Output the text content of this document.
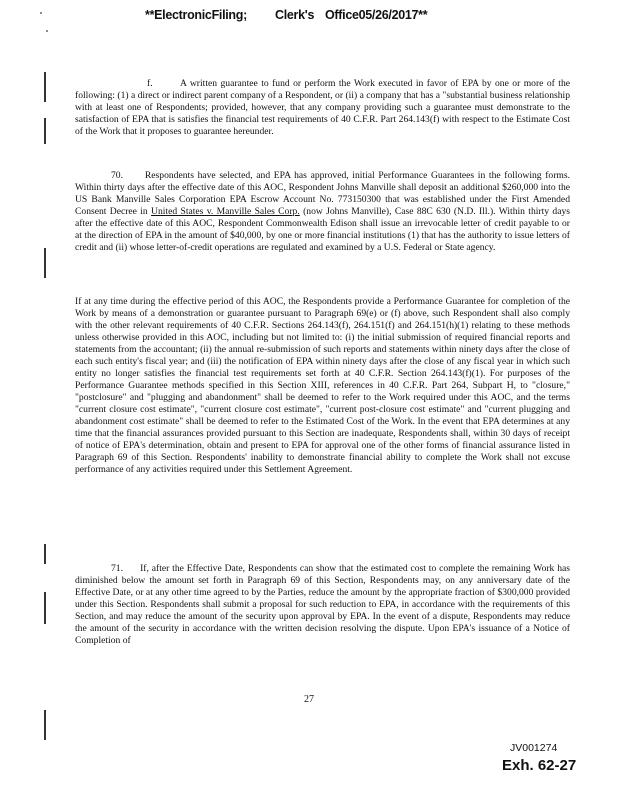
**ElectronicFiling; Clerk's Office05/26/2017**

f.	A written guarantee to fund or perform the Work executed in favor of EPA by one or more of the following: (1) a direct or indirect parent company of a Respondent, or (ii) a company that has a "substantial business relationship with at least one of Respondents; provided, however, that any company providing such a guarantee must demonstrate to the satisfaction of EPA that is satisfies the financial test requirements of 40 C.F.R. Part 264.143(f) with respect to the Estimate Cost of the Work that it proposes to guarantee hereunder.

70. Respondents have selected, and EPA has approved, initial Performance Guarantees in the following forms. Within thirty days after the effective date of this AOC, Respondent Johns Manville shall deposit an additional $260,000 into the US Bank Manville Sales Corporation EPA Escrow Account No. 773150300 that was established under the First Amended Consent Decree in United States v. Manville Sales Corp. (now Johns Manville), Case 88C 630 (N.D. Ill.). Within thirty days after the effective date of this AOC, Respondent Commonwealth Edison shall issue an irrevocable letter of credit payable to or at the direction of EPA in the amount of $40,000, by one or more financial institutions (1) that has the authority to issue letters of credit and (ii) whose letter-of-credit operations are regulated and examined by a U.S. Federal or State agency.

If at any time during the effective period of this AOC, the Respondents provide a Performance Guarantee for completion of the Work by means of a demonstration or guarantee pursuant to Paragraph 69(e) or (f) above, such Respondent shall also comply with the other relevant requirements of 40 C.F.R. Sections 264.143(f), 264.151(f) and 264.151(h)(1) relating to these methods unless otherwise provided in this AOC, including but not limited to: (i) the initial submission of required financial reports and statements from the accountant; (ii) the annual re-submission of such reports and statements within ninety days after the close of each such entity's fiscal year; and (iii) the notification of EPA within ninety days after the close of any fiscal year in which such entity no longer satisfies the financial test requirements set forth at 40 C.F.R. Section 264.143(f)(1). For purposes of the Performance Guarantee methods specified in this Section XIII, references in 40 C.F.R. Part 264, Subpart H, to "closure," "postclosure" and "plugging and abandonment" shall be deemed to refer to the Work required under this AOC, and the terms "current closure cost estimate", "current closure cost estimate", "current post-closure cost estimate" and "current plugging and abandonment cost estimate" shall be deemed to refer to the Estimated Cost of the Work. In the event that EPA determines at any time that the financial assurances provided pursuant to this Section are inadequate, Respondents shall, within 30 days of receipt of notice of EPA's determination, obtain and present to EPA for approval one of the other forms of financial assurance listed in Paragraph 69 of this Section. Respondents' inability to demonstrate financial ability to complete the Work shall not excuse performance of any activities required under this Settlement Agreement.

71. If, after the Effective Date, Respondents can show that the estimated cost to complete the remaining Work has diminished below the amount set forth in Paragraph 69 of this Section, Respondents may, on any anniversary date of the Effective Date, or at any other time agreed to by the Parties, reduce the amount by the appropriate fraction of $300,000 provided under this Section. Respondents shall submit a proposal for such reduction to EPA, in accordance with the requirements of this Section, and may reduce the amount of the security upon approval by EPA. In the event of a dispute, Respondents may reduce the amount of the security in accordance with the written decision resolving the dispute. Upon EPA's issuance of a Notice of Completion of

27
JV001274
Exh. 62-27
